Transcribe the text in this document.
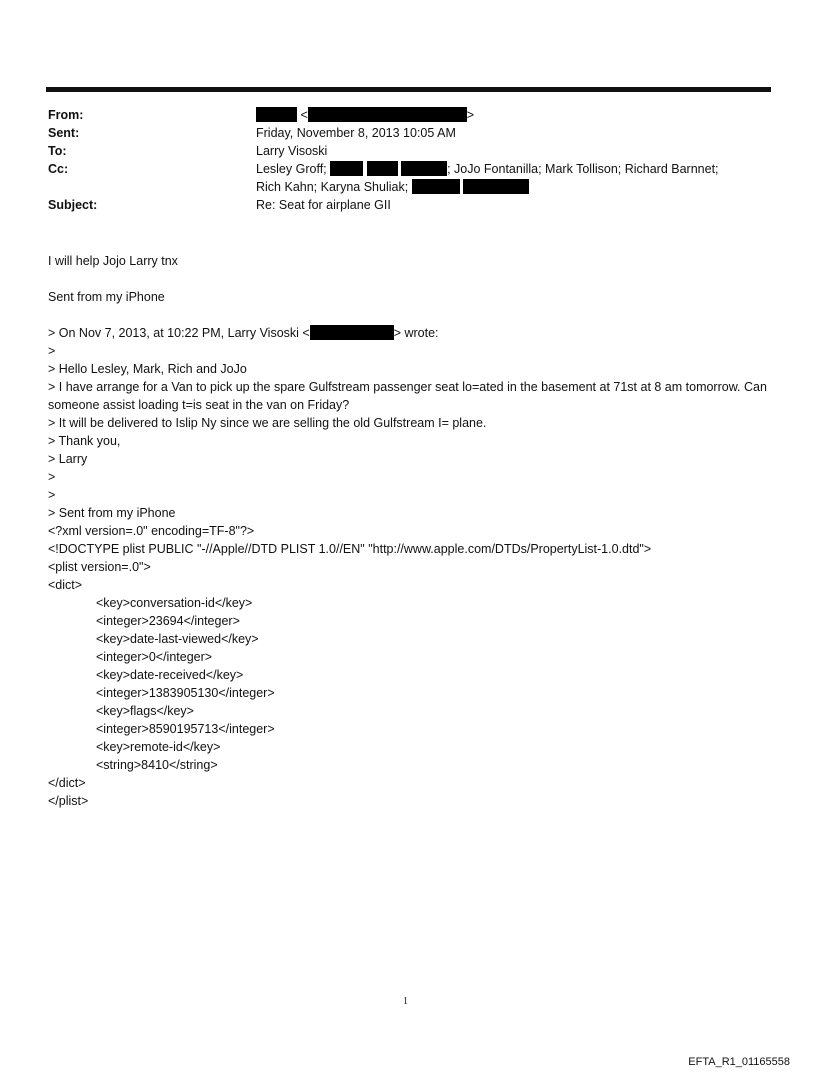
From:	<	>
Sent:	Friday, November 8, 2013 10:05 AM
To:	Larry Visoski
Cc:	Lesley Groff;	; JoJo Fontanilla; Mark Tollison; Richard Barnnet;
Rich Kahn; Karyna Shuliak;
Subject:	Re: Seat for airplane GII

I will help Jojo Larry tnx

Sent from my iPhone

> On Nov 7, 2013, at 10:22 PM, Larry Visoski <	> wrote:

>

> Hello Lesley, Mark, Rich and JoJo

> I have arrange for a Van to pick up the spare Gulfstream passenger seat lo=ated in the basement at 71st at 8 am tomorrow. Can someone assist loading t=is seat in the van on Friday?

> It will be delivered to Islip Ny since we are selling the old Gulfstream I= plane.

> Thank you,

> Larry

>

>

> Sent from my iPhone

<?xml version=.0" encoding=TF-8"?>

<!DOCTYPE plist PUBLIC "-//Apple//DTD PLIST 1.0//EN" "http://www.apple.com/DTDs/PropertyList-1.0.dtd">

<plist version=.0">

<dict>

<key>conversation-id</key>

<integer>23694</integer>

<key>date-last-viewed</key>

<integer>0</integer>

<key>date-received</key>

<integer>1383905130</integer>

<key>flags</key>

<integer>8590195713</integer>

<key>remote-id</key>

<string>8410</string>

</dict>

</plist>

1
EFTA_R1_01165558
